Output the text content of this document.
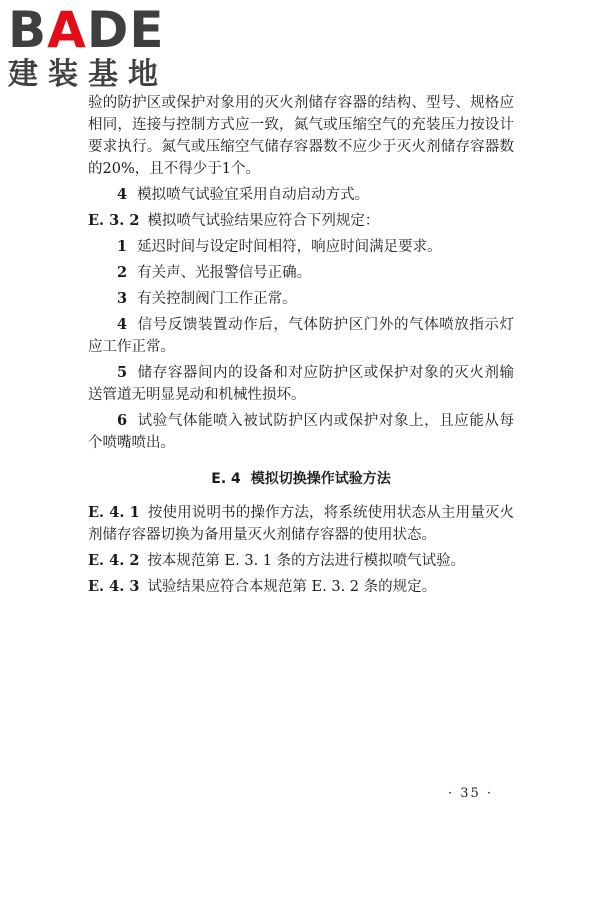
BADE
建装基地

验的防护区或保护对象用的灭火剂储存容器的结构、型号、规格应相同，连接与控制方式应一致，氮气或压缩空气的充装压力按设计要求执行。氮气或压缩空气储存容器数不应少于灭火剂储存容器数的20%，且不得少于1个。

4 模拟喷气试验宜采用自动启动方式。

E. 3. 2 模拟喷气试验结果应符合下列规定：

1 延迟时间与设定时间相符，响应时间满足要求。

2 有关声、光报警信号正确。

3 有关控制阀门工作正常。

4 信号反馈装置动作后，气体防护区门外的气体喷放指示灯应工作正常。

5 储存容器间内的设备和对应防护区或保护对象的灭火剂输送管道无明显晃动和机械性损坏。

6 试验气体能喷入被试防护区内或保护对象上，且应能从每个喷嘴喷出。

E. 4 模拟切换操作试验方法

E. 4. 1 按使用说明书的操作方法，将系统使用状态从主用量灭火剂储存容器切换为备用量灭火剂储存容器的使用状态。

E. 4. 2 按本规范第 E. 3. 1 条的方法进行模拟喷气试验。

E. 4. 3 试验结果应符合本规范第 E. 3. 2 条的规定。

· 35 ·
